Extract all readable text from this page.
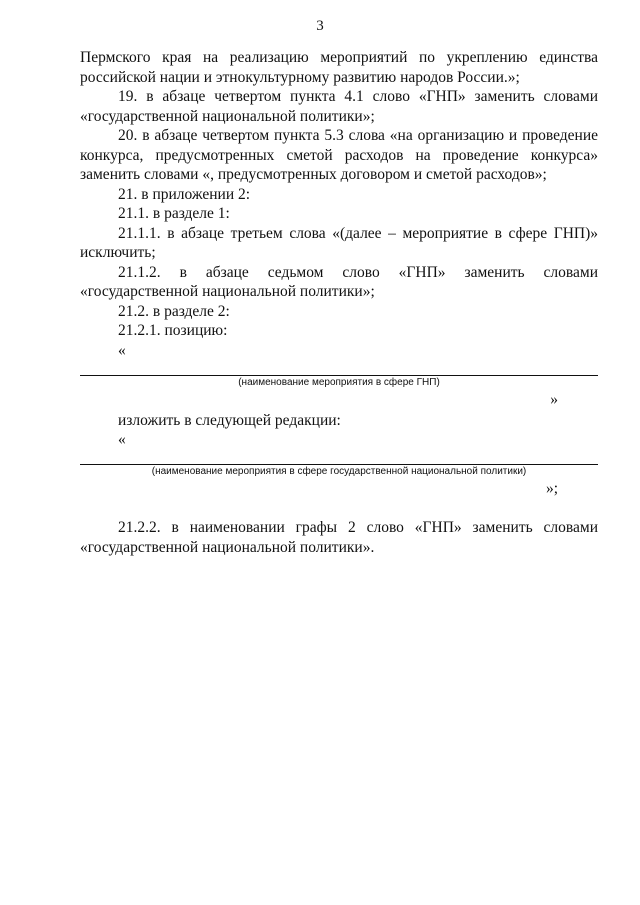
3

Пермского края на реализацию мероприятий по укреплению единства российской нации и этнокультурному развитию народов России.»;

19. в абзаце четвертом пункта 4.1 слово «ГНП» заменить словами «государственной национальной политики»;

20. в абзаце четвертом пункта 5.3 слова «на организацию и проведение конкурса, предусмотренных сметой расходов на проведение конкурса» заменить словами «, предусмотренных договором и сметой расходов»;

21. в приложении 2:

21.1. в разделе 1:

21.1.1. в абзаце третьем слова «(далее – мероприятие в сфере ГНП)» исключить;

21.1.2. в абзаце седьмом слово «ГНП» заменить словами «государственной национальной политики»;

21.2. в разделе 2:

21.2.1. позицию:

«
(наименование мероприятия в сфере ГНП)
»

изложить в следующей редакции:

«
(наименование мероприятия в сфере государственной национальной политики)
»;

21.2.2. в наименовании графы 2 слово «ГНП» заменить словами «государственной национальной политики».
